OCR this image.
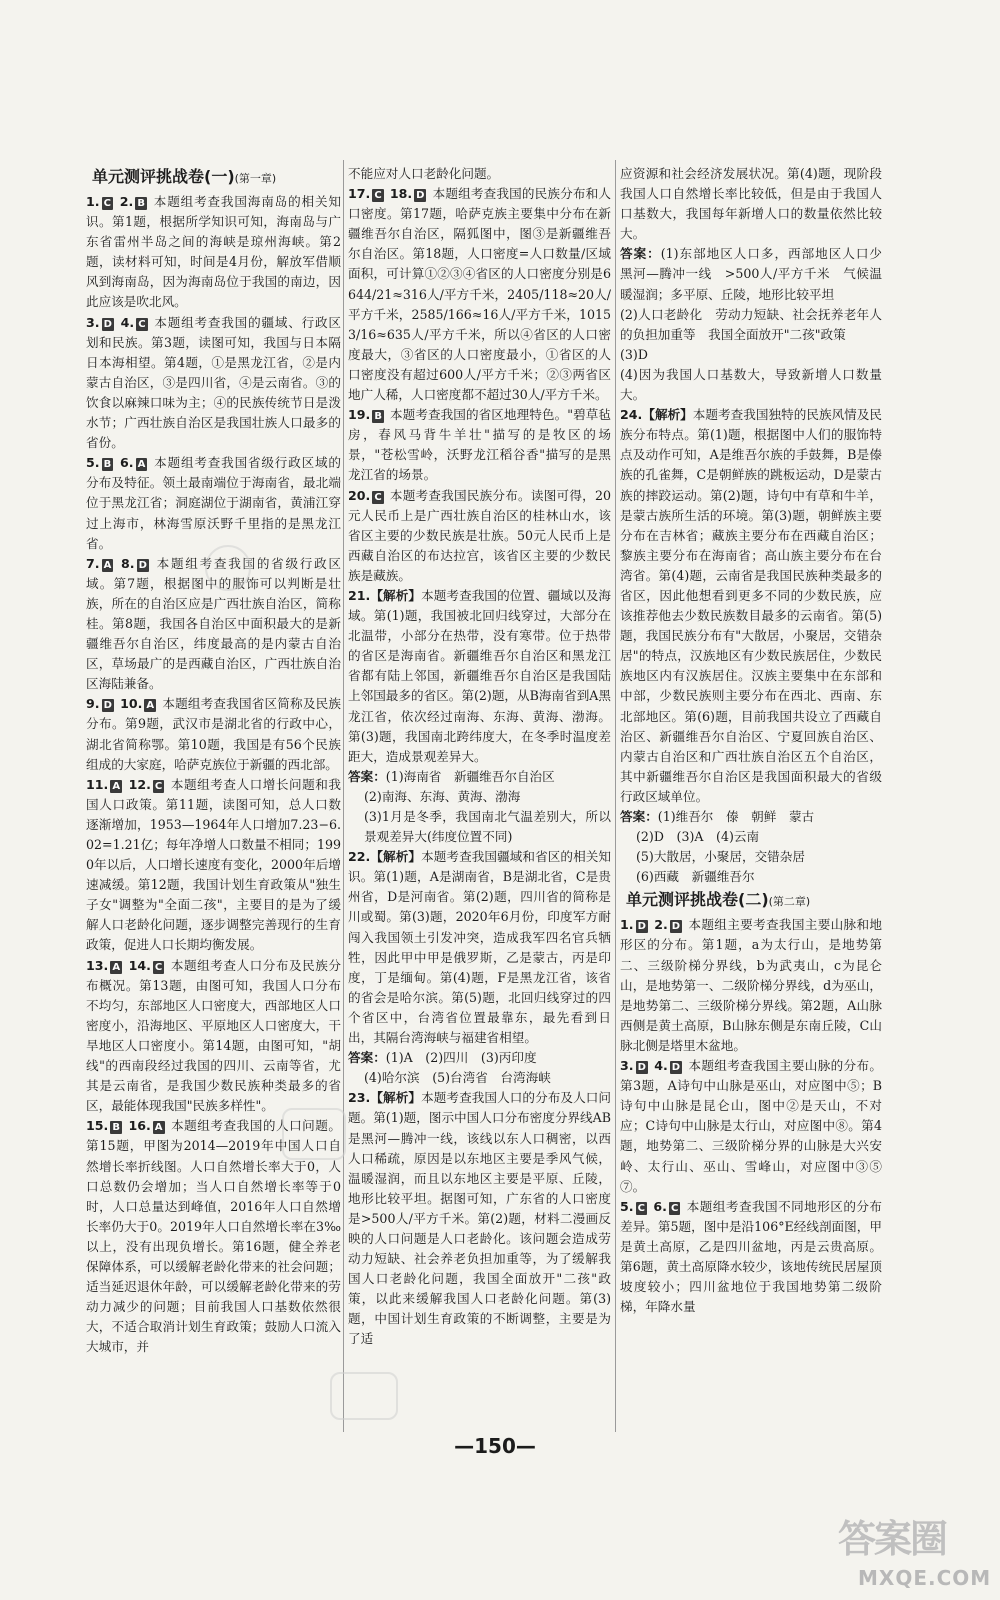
单元测评挑战卷(一)(第一章)

1. C 2. B 本题组考查我国海南岛的相关知识。第1题，根据所学知识可知，海南岛与广东省雷州半岛之间的海峡是琼州海峡。第2题，读材料可知，时间是4月份，解放军借顺风到海南岛，因为海南岛位于我国的南边，因此应该是吹北风。

3. D 4. C 本题组考查我国的疆域、行政区划和民族。第3题，读图可知，我国与日本隔日本海相望。第4题，①是黑龙江省，②是内蒙古自治区，③是四川省，④是云南省。③的饮食以麻辣口味为主；④的民族传统节日是泼水节；广西壮族自治区是我国壮族人口最多的省份。

5. B 6. A 本题组考查我国省级行政区域的分布及特征。领土最南端位于海南省，最北端位于黑龙江省；洞庭湖位于湖南省，黄浦江穿过上海市，林海雪原沃野千里指的是黑龙江省。

7. A 8. D 本题组考查我国的省级行政区域。第7题，根据图中的服饰可以判断是壮族，所在的自治区应是广西壮族自治区，简称桂。第8题，我国各自治区中面积最大的是新疆维吾尔自治区，纬度最高的是内蒙古自治区，草场最广的是西藏自治区，广西壮族自治区海陆兼备。

9. D 10. A 本题组考查我国省区简称及民族分布。第9题，武汉市是湖北省的行政中心，湖北省简称鄂。第10题，我国是有56个民族组成的大家庭，哈萨克族位于新疆的西北部。

11. A 12. C 本题组考查人口增长问题和我国人口政策。第11题，读图可知，总人口数逐渐增加，1953—1964年人口增加7.23−6.02=1.21亿；每年净增人口数量不相同；1990年以后，人口增长速度有变化，2000年后增速减缓。第12题，我国计划生育政策从"独生子女"调整为"全面二孩"，主要目的是为了缓解人口老龄化问题，逐步调整完善现行的生育政策，促进人口长期均衡发展。

13. A 14. C 本题组考查人口分布及民族分布概况。第13题，由图可知，我国人口分布不均匀，东部地区人口密度大，西部地区人口密度小，沿海地区、平原地区人口密度大，干旱地区人口密度小。第14题，由图可知，"胡线"的西南段经过我国的四川、云南等省，尤其是云南省，是我国少数民族种类最多的省区，最能体现我国"民族多样性"。

15. B 16. A 本题组考查我国的人口问题。第15题，甲图为2014—2019年中国人口自然增长率折线图。人口自然增长率大于0，人口总数仍会增加；当人口自然增长率等于0时，人口总量达到峰值，2016年人口自然增长率仍大于0。2019年人口自然增长率在3‰以上，没有出现负增长。第16题，健全养老保障体系，可以缓解老龄化带来的社会问题；适当延迟退休年龄，可以缓解老龄化带来的劳动力减少的问题；目前我国人口基数依然很大，不适合取消计划生育政策；鼓励人口流入大城市，并

不能应对人口老龄化问题。

17. C 18. D 本题组考查我国的民族分布和人口密度。第17题，哈萨克族主要集中分布在新疆维吾尔自治区，隔狐图中，图③是新疆维吾尔自治区。第18题，人口密度=人口数量/区域面积，可计算①②③④省区的人口密度分别是6644/21≈316人/平方千米，2405/118≈20人/平方千米，2585/166≈16人/平方千米，10153/16≈635人/平方千米，所以④省区的人口密度最大，③省区的人口密度最小，①省区的人口密度没有超过600人/平方千米；②③两省区地广人稀，人口密度都不超过30人/平方千米。

19. B 本题考查我国的省区地理特色。"碧草毡房，春风马背牛羊壮"描写的是牧区的场景，"苍松雪岭，沃野龙江稻谷香"描写的是黑龙江省的场景。

20. C 本题考查我国民族分布。读图可得，20元人民币上是广西壮族自治区的桂林山水，该省区主要的少数民族是壮族。50元人民币上是西藏自治区的布达拉宫，该省区主要的少数民族是藏族。

21.【解析】本题考查我国的位置、疆域以及海域。第(1)题，我国被北回归线穿过，大部分在北温带，小部分在热带，没有寒带。位于热带的省区是海南省。新疆维吾尔自治区和黑龙江省都有陆上邻国，新疆维吾尔自治区是我国陆上邻国最多的省区。第(2)题，从B海南省到A黑龙江省，依次经过南海、东海、黄海、渤海。第(3)题，我国南北跨纬度大，在冬季时温度差距大，造成景观差异大。

答案：(1)海南省　新疆维吾尔自治区
(2)南海、东海、黄海、渤海
(3)1月是冬季，我国南北气温差别大，所以景观差异大(纬度位置不同)

22.【解析】本题考查我国疆域和省区的相关知识。第(1)题，A是湖南省，B是湖北省，C是贵州省，D是河南省。第(2)题，四川省的简称是川或蜀。第(3)题，2020年6月份，印度军方耐闯入我国领土引发冲突，造成我军四名官兵牺牲，因此甲中甲是俄罗斯，乙是蒙古，丙是印度，丁是缅甸。第(4)题，F是黑龙江省，该省的省会是哈尔滨。第(5)题，北回归线穿过的四个省区中，台湾省位置最靠东，最先看到日出，其隔台湾海峡与福建省相望。

答案：(1)A　(2)四川　(3)丙印度
(4)哈尔滨　(5)台湾省　台湾海峡

23.【解析】本题考查我国人口的分布及人口问题。第(1)题，图示中国人口分布密度分界线AB是黑河—腾冲一线，该线以东人口稠密，以西人口稀疏，原因是以东地区主要是季风气候，温暖湿润，而且以东地区主要是平原、丘陵，地形比较平坦。据图可知，广东省的人口密度是>500人/平方千米。第(2)题，材料二漫画反映的人口问题是人口老龄化。该问题会造成劳动力短缺、社会养老负担加重等，为了缓解我国人口老龄化问题，我国全面放开"二孩"政策，以此来缓解我国人口老龄化问题。第(3)题，中国计划生育政策的不断调整，主要是为了适

应资源和社会经济发展状况。第(4)题，现阶段我国人口自然增长率比较低，但是由于我国人口基数大，我国每年新增人口的数量依然比较大。

答案：(1)东部地区人口多，西部地区人口少　黑河—腾冲一线　>500人/平方千米　气候温暖湿润；多平原、丘陵，地形比较平坦
(2)人口老龄化　劳动力短缺、社会抚养老年人的负担加重等　我国全面放开"二孩"政策
(3)D
(4)因为我国人口基数大，导致新增人口数量大。

24.【解析】本题考查我国独特的民族风情及民族分布特点。第(1)题，根据图中人们的服饰特点及动作可知，A是维吾尔族的手鼓舞，B是傣族的孔雀舞，C是朝鲜族的跳板运动，D是蒙古族的摔跤运动。第(2)题，诗句中有草和牛羊，是蒙古族所生活的环境。第(3)题，朝鲜族主要分布在吉林省；藏族主要分布在西藏自治区；黎族主要分布在海南省；高山族主要分布在台湾省。第(4)题，云南省是我国民族种类最多的省区，因此他想看到更多不同的少数民族，应该推荐他去少数民族数目最多的云南省。第(5)题，我国民族分布有"大散居，小聚居，交错杂居"的特点，汉族地区有少数民族居住，少数民族地区内有汉族居住。汉族主要集中在东部和中部，少数民族则主要分布在西北、西南、东北部地区。第(6)题，目前我国共设立了西藏自治区、新疆维吾尔自治区、宁夏回族自治区、内蒙古自治区和广西壮族自治区五个自治区，其中新疆维吾尔自治区是我国面积最大的省级行政区域单位。

答案：(1)维吾尔　傣　朝鲜　蒙古
(2)D　(3)A　(4)云南
(5)大散居，小聚居，交错杂居
(6)西藏　新疆维吾尔
单元测评挑战卷(二)(第二章)

1. D 2. D 本题组主要考查我国主要山脉和地形区的分布。第1题，a为太行山，是地势第二、三级阶梯分界线，b为武夷山，c为昆仑山，是地势第一、二级阶梯分界线，d为巫山，是地势第二、三级阶梯分界线。第2题，A山脉西侧是黄土高原，B山脉东侧是东南丘陵，C山脉北侧是塔里木盆地。

3. D 4. D 本题组考查我国主要山脉的分布。第3题，A诗句中山脉是巫山，对应图中⑤；B诗句中山脉是昆仑山，图中②是天山，不对应；C诗句中山脉是太行山，对应图中⑧。第4题，地势第二、三级阶梯分界的山脉是大兴安岭、太行山、巫山、雪峰山，对应图中③⑤⑦。

5. C 6. C 本题组考查我国不同地形区的分布差异。第5题，图中是沿106°E经线剖面图，甲是黄土高原，乙是四川盆地，丙是云贵高原。第6题，黄土高原降水较少，该地传统民居屋顶坡度较小；四川盆地位于我国地势第二级阶梯，年降水量

—150—
答案圈
MXQE.COM
